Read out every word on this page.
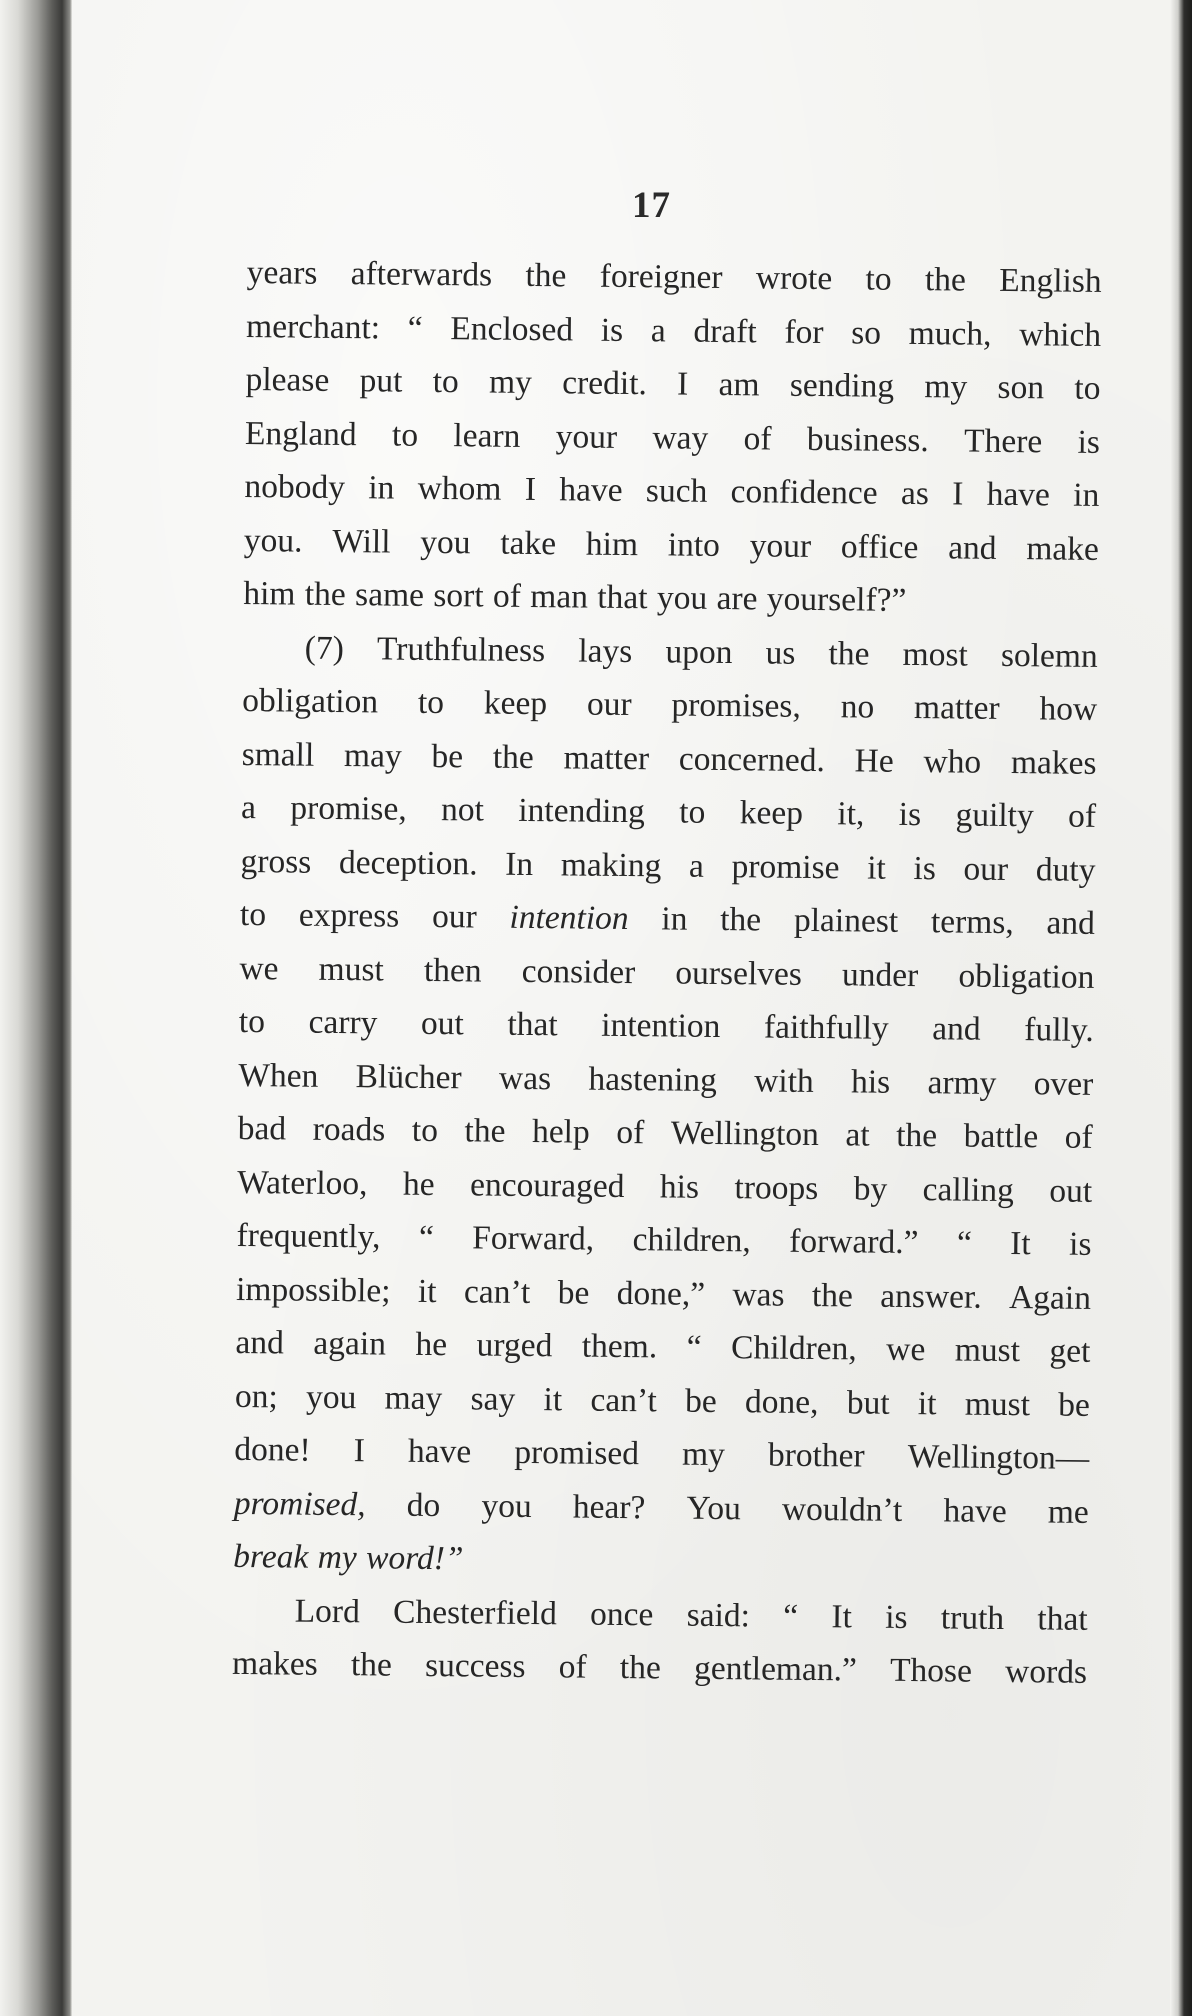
17
years afterwards the foreigner wrote to the English
merchant: “ Enclosed is a draft for so much, which
please put to my credit. I am sending my son to
England to learn your way of business. There is
nobody in whom I have such confidence as I have in
you. Will you take him into your office and make
him the same sort of man that you are yourself?”
(7) Truthfulness lays upon us the most solemn
obligation to keep our promises, no matter how
small may be the matter concerned. He who makes
a promise, not intending to keep it, is guilty of
gross deception. In making a promise it is our duty
to express our intention in the plainest terms, and
we must then consider ourselves under obligation
to carry out that intention faithfully and fully.
When Blücher was hastening with his army over
bad roads to the help of Wellington at the battle of
Waterloo, he encouraged his troops by calling out
frequently, “ Forward, children, forward.” “ It is
impossible; it can’t be done,” was the answer. Again
and again he urged them. “ Children, we must get
on; you may say it can’t be done, but it must be
done! I have promised my brother Wellington—
promised, do you hear? You wouldn’t have me
break my word!”
Lord Chesterfield once said: “ It is truth that
makes the success of the gentleman.” Those words
